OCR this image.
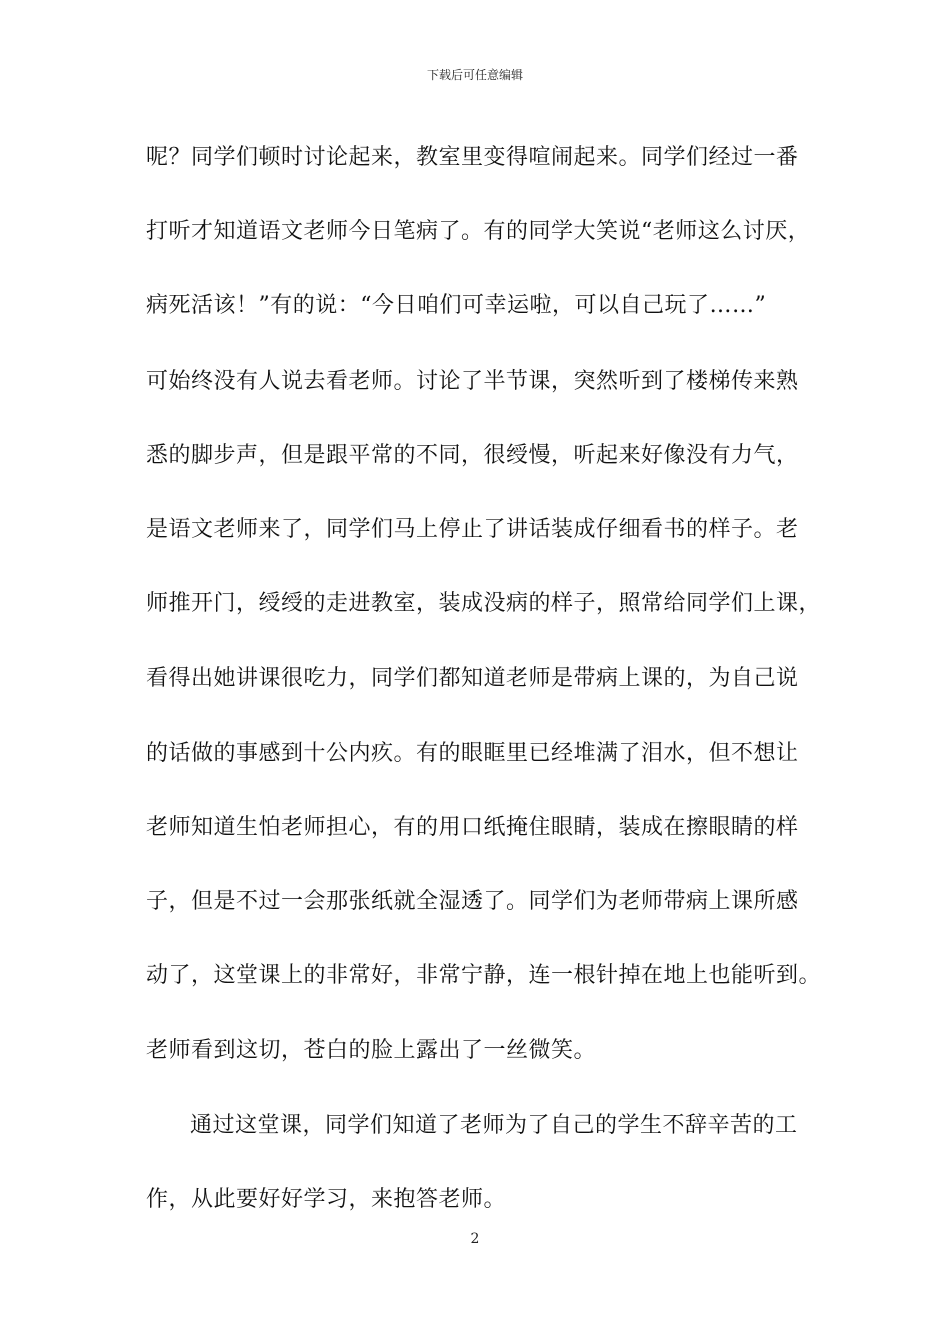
下载后可任意编辑
呢？同学们顿时讨论起来，教室里变得喧闹起来。同学们经过一番
打听才知道语文老师今日笔病了。有的同学大笑说“老师这么讨厌，
病死活该！”有的说：“今日咱们可幸运啦，可以自己玩了……”
可始终没有人说去看老师。讨论了半节课，突然听到了楼梯传来熟
悉的脚步声，但是跟平常的不同，很绶慢，听起来好像没有力气，
是语文老师来了，同学们马上停止了讲话装成仔细看书的样子。老
师推开门，绶绶的走进教室，装成没病的样子，照常给同学们上课，
看得出她讲课很吃力，同学们都知道老师是带病上课的，为自己说
的话做的事感到十公内疚。有的眼眶里已经堆满了泪水，但不想让
老师知道生怕老师担心，有的用口纸掩住眼睛，装成在擦眼睛的样
子，但是不过一会那张纸就全湿透了。同学们为老师带病上课所感
动了，这堂课上的非常好，非常宁静，连一根针掉在地上也能听到。
老师看到这切，苍白的脸上露出了一丝微笑。
通过这堂课，同学们知道了老师为了自己的学生不辞辛苦的工
作，从此要好好学习，来抱答老师。
2
